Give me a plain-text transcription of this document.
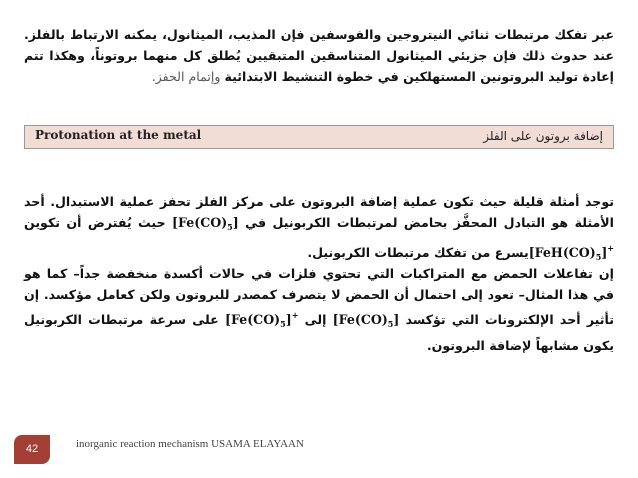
عبر تفكك مرتبطات ثنائي النيتروجين والفوسفين فإن المذيب، الميثانول، يمكنه الارتباط بالفلز. عند حدوث ذلك فإن جزيئي الميثانول المتناسقين المتبقيين يُطلق كل منهما بروتوناً، وهكذا تتم إعادة توليد البروتونين المستهلكين في خطوة التنشيط الابتدائية وإتمام الحفز.
Protonation at the metal	إضافة بروتون على الفلز
توجد أمثلة قليلة حيث تكون عملية إضافة البروتون على مركز الفلز تحفز عملية الاستبدال. أحد الأمثلة هو التبادل المحفَّز بحامض لمرتبطات الكربونيل في $[Fe(CO)_5]$ حيث يُفترض أن تكوين $[FeH(CO)_5]^+يسرع$ من تفكك مرتبطات الكربونيل.
إن تفاعلات الحمض مع المتراكبات التي تحتوي فلزات في حالات أكسدة منخفضة جداً– كما هو في هذا المثال– تعود إلى احتمال أن الحمض لا يتصرف كمصدر للبروتون ولكن كعامل مؤكسد. إن تأثير أحد الإلكترونات التي تؤكسد $[Fe(CO)_5]$ إلى $[Fe(CO)_5]^+$ على سرعة مرتبطات الكربونيل يكون مشابهاً لإضافة البروتون.
42	inorganic reaction mechanism USAMA ELAYAAN
